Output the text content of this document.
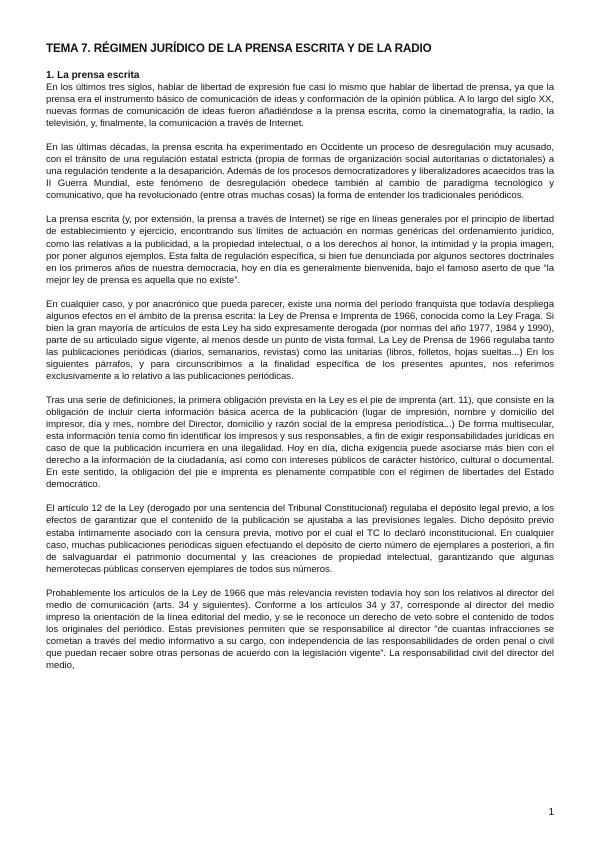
TEMA 7. RÉGIMEN JURÍDICO DE LA PRENSA ESCRITA Y DE LA RADIO
1. La prensa escrita

En los últimos tres siglos, hablar de libertad de expresión fue casi lo mismo que hablar de libertad de prensa, ya que la prensa era el instrumento básico de comunicación de ideas y conformación de la opinión pública. A lo largo del siglo XX, nuevas formas de comunicación de ideas fueron añadiéndose a la prensa escrita, como la cinematografía, la radio, la televisión, y, finalmente, la comunicación a través de Internet.

En las últimas décadas, la prensa escrita ha experimentado en Occidente un proceso de desregulación muy acusado, con el tránsito de una regulación estatal estricta (propia de formas de organización social autoritarias o dictatoriales) a una regulación tendente a la desaparición. Además de los procesos democratizadores y liberalizadores acaecidos tras la II Guerra Mundial, este fenómeno de desregulación obedece también al cambio de paradigma tecnológico y comunicativo, que ha revolucionado (entre otras muchas cosas) la forma de entender los tradicionales periódicos.

La prensa escrita (y, por extensión, la prensa a través de Internet) se rige en líneas generales por el principio de libertad de establecimiento y ejercicio, encontrando sus límites de actuación en normas genéricas del ordenamiento jurídico, como las relativas a la publicidad, a la propiedad intelectual, o a los derechos al honor, la intimidad y la propia imagen, por poner algunos ejemplos. Esta falta de regulación específica, si bien fue denunciada por algunos sectores doctrinales en los primeros años de nuestra democracia, hoy en día es generalmente bienvenida, bajo el famoso aserto de que “la mejor ley de prensa es aquella que no existe”.

En cualquier caso, y por anacrónico que pueda parecer, existe una norma del período franquista que todavía despliega algunos efectos en el ámbito de la prensa escrita: la Ley de Prensa e Imprenta de 1966, conocida como la Ley Fraga. Si bien la gran mayoría de artículos de esta Ley ha sido expresamente derogada (por normas del año 1977, 1984 y 1990), parte de su articulado sigue vigente, al menos desde un punto de vista formal. La Ley de Prensa de 1966 regulaba tanto las publicaciones periódicas (diarios, semanarios, revistas) como las unitarias (libros, folletos, hojas sueltas...) En los siguientes párrafos, y para circunscribirnos a la finalidad específica de los presentes apuntes, nos referimos exclusivamente a lo relativo a las publicaciones periódicas.

Tras una serie de definiciones, la primera obligación prevista en la Ley es el pie de imprenta (art. 11), que consiste en la obligación de incluir cierta información básica acerca de la publicación (lugar de impresión, nombre y domicilio del impresor, día y mes, nombre del Director, domicilio y razón social de la empresa periodística...) De forma multisecular, esta información tenía como fin identificar los impresos y sus responsables, a fin de exigir responsabilidades jurídicas en caso de que la publicación incurriera en una ilegalidad. Hoy en día, dicha exigencia puede asociarse más bien con el derecho a la información de la ciudadanía, así como con intereses públicos de carácter histórico, cultural o documental. En este sentido, la obligación del pie e imprenta es plenamente compatible con el régimen de libertades del Estado democrático.

El artículo 12 de la Ley (derogado por una sentencia del Tribunal Constitucional) regulaba el depósito legal previo, a los efectos de garantizar que el contenido de la publicación se ajustaba a las previsiones legales. Dicho depósito previo estaba íntimamente asociado con la censura previa, motivo por el cual el TC lo declaró inconstitucional. En cualquier caso, muchas publicaciones periódicas siguen efectuando el depósito de cierto número de ejemplares a posteriori, a fin de salvaguardar el patrimonio documental y las creaciones de propiedad intelectual, garantizando que algunas hemerotecas públicas conserven ejemplares de todos sus números.

Probablemente los artículos de la Ley de 1966 que más relevancia revisten todavía hoy son los relativos al director del medio de comunicación (arts. 34 y siguientes). Conforme a los artículos 34 y 37, corresponde al director del medio impreso la orientación de la línea editorial del medio, y se le reconoce un derecho de veto sobre el contenido de todos los originales del periódico. Estas previsiones permiten que se responsabilice al director “de cuantas infracciones se cometan a través del medio informativo a su cargo, con independencia de las responsabilidades de orden penal o civil que puedan recaer sobre otras personas de acuerdo con la legislación vigente”. La responsabilidad civil del director del medio,

1
